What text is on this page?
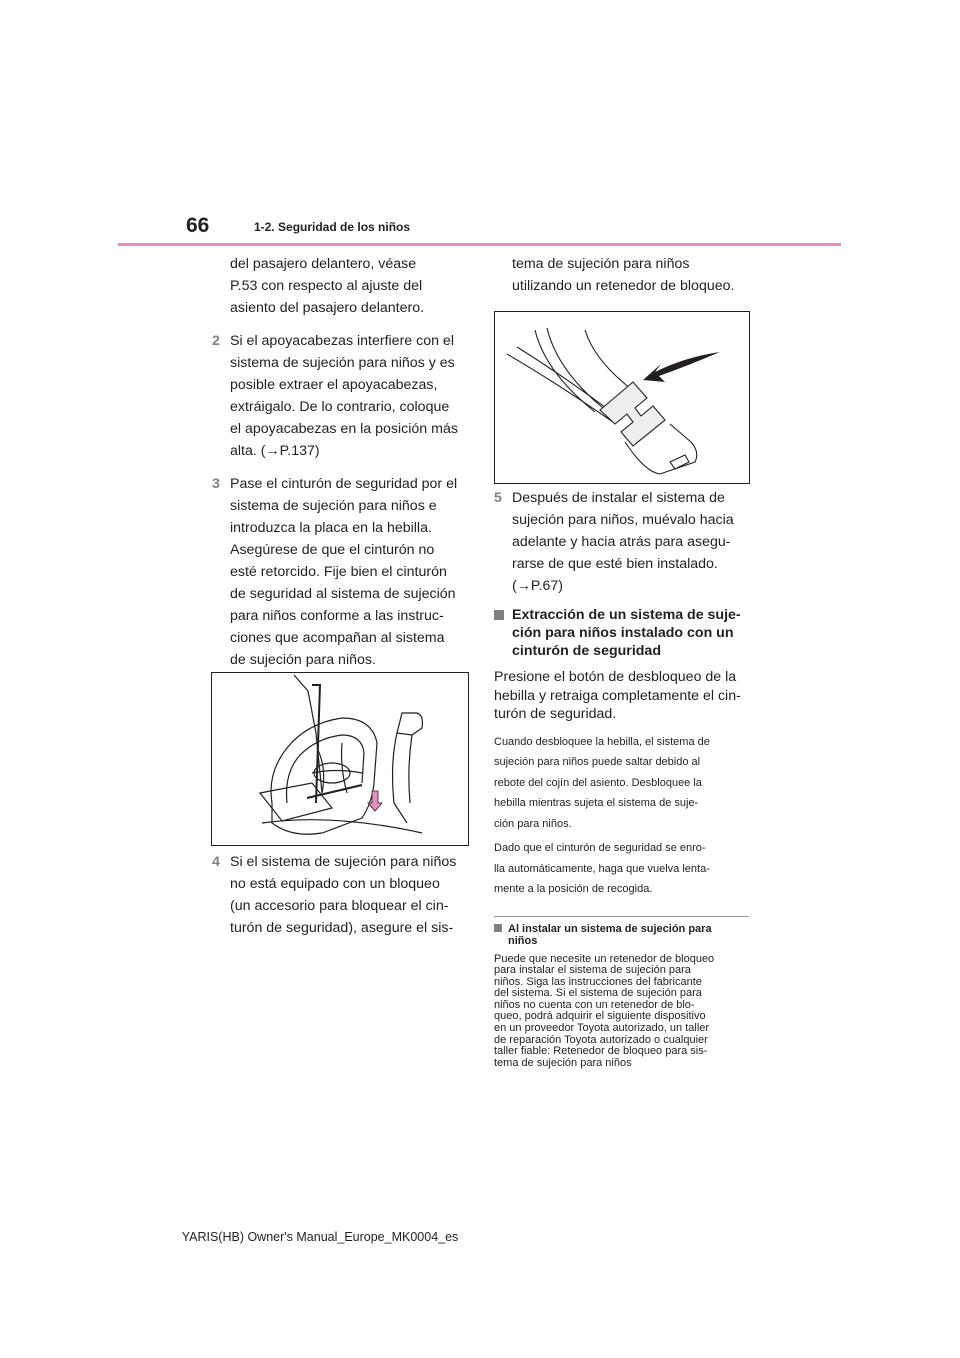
66	1-2. Seguridad de los niños

del pasajero delantero, véase

P.53 con respecto al ajuste del

asiento del pasajero delantero.

2 Si el apoyacabezas interfiere con el
sistema de sujeción para niños y es
posible extraer el apoyacabezas,
extráigalo. De lo contrario, coloque
el apoyacabezas en la posición más
alta. (→P.137)
3 Pase el cinturón de seguridad por el
sistema de sujeción para niños e
introduzca la placa en la hebilla.
Asegúrese de que el cinturón no
esté retorcido. Fije bien el cinturón
de seguridad al sistema de sujeción
para niños conforme a las instruc-
ciones que acompañan al sistema
de sujeción para niños.
4 Si el sistema de sujeción para niños
no está equipado con un bloqueo
(un accesorio para bloquear el cin-
turón de seguridad), asegure el sis-

tema de sujeción para niños

utilizando un retenedor de bloqueo.

5 Después de instalar el sistema de
sujeción para niños, muévalo hacia
adelante y hacia atrás para asegu-
rarse de que esté bien instalado.
(→P.67)
Extracción de un sistema de suje-
ción para niños instalado con un
cinturón de seguridad
Presione el botón de desbloqueo de la
hebilla y retraiga completamente el cin-
turón de seguridad.

Cuando desbloquee la hebilla, el sistema de

sujeción para niños puede saltar debido al

rebote del cojín del asiento. Desbloquee la

hebilla mientras sujeta el sistema de suje-

ción para niños.

Dado que el cinturón de seguridad se enro-

lla automáticamente, haga que vuelva lenta-

mente a la posición de recogida.

Al instalar un sistema de sujeción para
niños

Puede que necesite un retenedor de bloqueo

para instalar el sistema de sujeción para

niños. Siga las instrucciones del fabricante

del sistema. Si el sistema de sujeción para

niños no cuenta con un retenedor de blo-

queo, podrá adquirir el siguiente dispositivo

en un proveedor Toyota autorizado, un taller

de reparación Toyota autorizado o cualquier

taller fiable: Retenedor de bloqueo para sis-

tema de sujeción para niños

YARIS(HB) Owner's Manual_Europe_MK0004_es
